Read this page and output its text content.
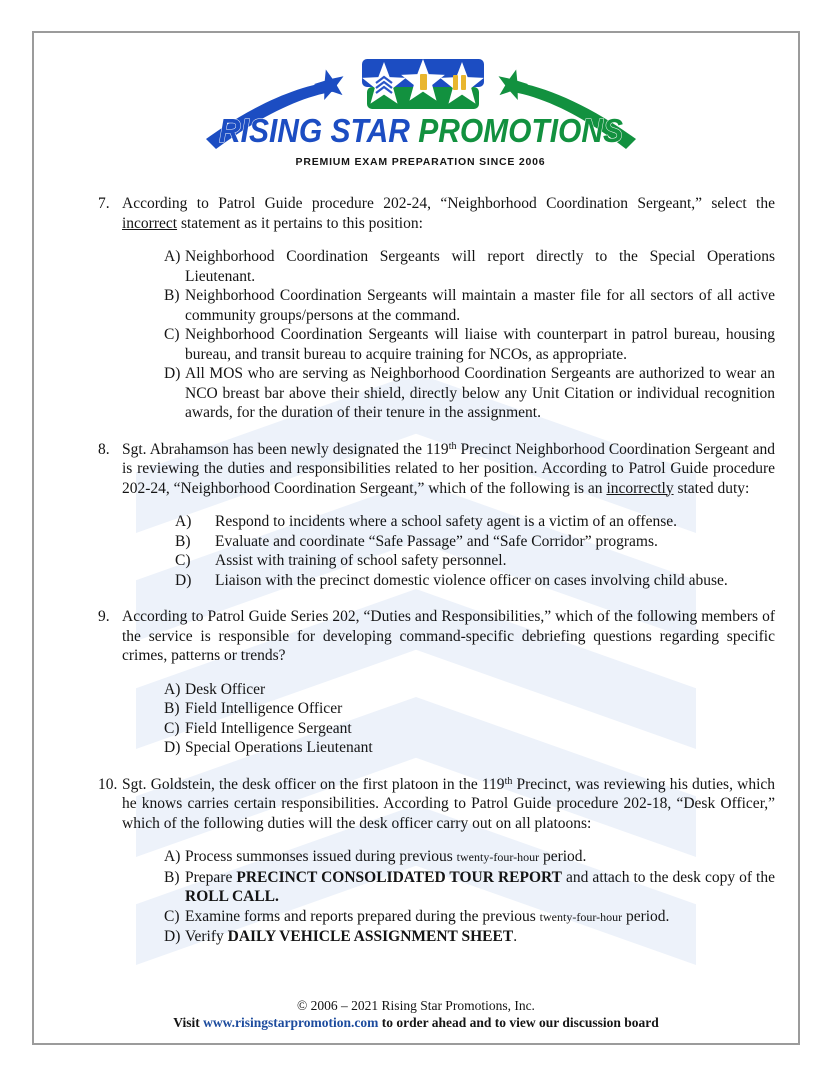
RISING STAR PROMOTIONS
PREMIUM EXAM PREPARATION SINCE 2006
7. According to Patrol Guide procedure 202-24, “Neighborhood Coordination Sergeant,” select the incorrect statement as it pertains to this position:
A) Neighborhood Coordination Sergeants will report directly to the Special Operations Lieutenant.
B) Neighborhood Coordination Sergeants will maintain a master file for all sectors of all active community groups/persons at the command.
C) Neighborhood Coordination Sergeants will liaise with counterpart in patrol bureau, housing bureau, and transit bureau to acquire training for NCOs, as appropriate.
D) All MOS who are serving as Neighborhood Coordination Sergeants are authorized to wear an NCO breast bar above their shield, directly below any Unit Citation or individual recognition awards, for the duration of their tenure in the assignment.
8. Sgt. Abrahamson has been newly designated the 119th Precinct Neighborhood Coordination Sergeant and is reviewing the duties and responsibilities related to her position. According to Patrol Guide procedure 202-24, “Neighborhood Coordination Sergeant,” which of the following is an incorrectly stated duty:
A) Respond to incidents where a school safety agent is a victim of an offense.
B) Evaluate and coordinate “Safe Passage” and “Safe Corridor” programs.
C) Assist with training of school safety personnel.
D) Liaison with the precinct domestic violence officer on cases involving child abuse.
9. According to Patrol Guide Series 202, “Duties and Responsibilities,” which of the following members of the service is responsible for developing command-specific debriefing questions regarding specific crimes, patterns or trends?
A) Desk Officer
B) Field Intelligence Officer
C) Field Intelligence Sergeant
D) Special Operations Lieutenant
10. Sgt. Goldstein, the desk officer on the first platoon in the 119th Precinct, was reviewing his duties, which he knows carries certain responsibilities. According to Patrol Guide procedure 202-18, “Desk Officer,” which of the following duties will the desk officer carry out on all platoons:
A) Process summonses issued during previous twenty-four-hour period.
B) Prepare PRECINCT CONSOLIDATED TOUR REPORT and attach to the desk copy of the ROLL CALL.
C) Examine forms and reports prepared during the previous twenty-four-hour period.
D) Verify DAILY VEHICLE ASSIGNMENT SHEET.
© 2006 – 2021 Rising Star Promotions, Inc.
Visit www.risingstarpromotion.com to order ahead and to view our discussion board
